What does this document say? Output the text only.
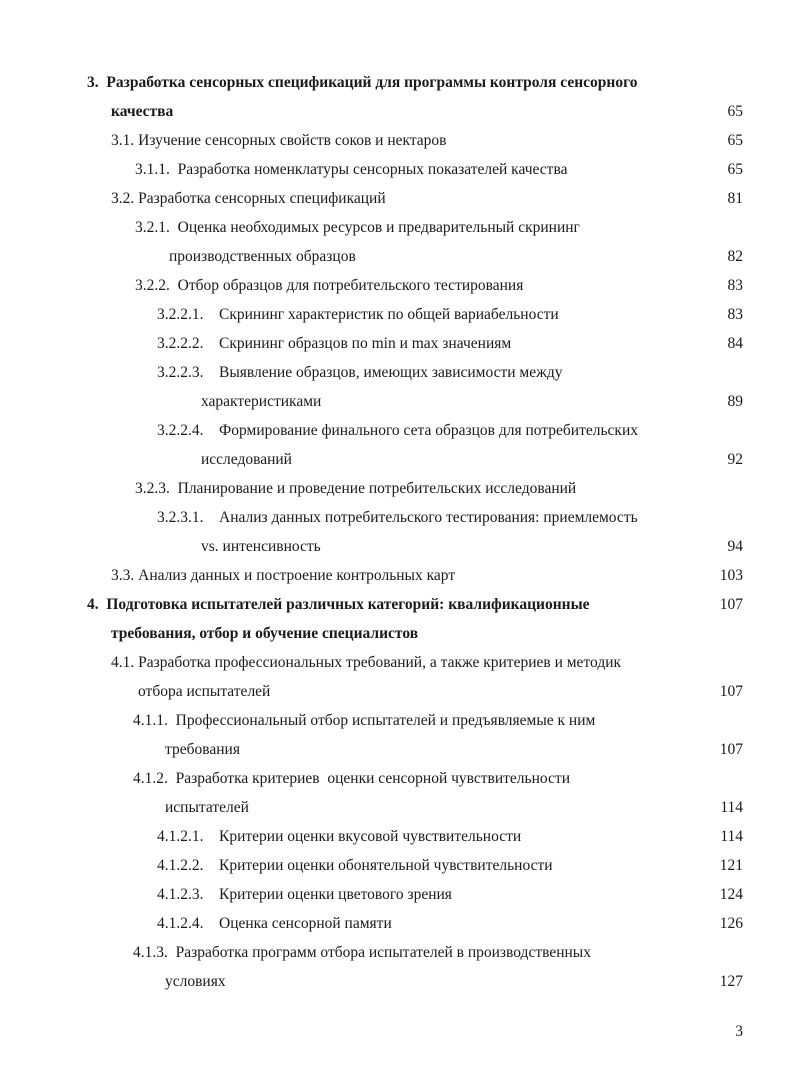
3.  Разработка сенсорных спецификаций для программы контроля сенсорного
качества	65
3.1. Изучение сенсорных свойств соков и нектаров	65
3.1.1.  Разработка номенклатуры сенсорных показателей качества	65
3.2. Разработка сенсорных спецификаций	81
3.2.1.  Оценка необходимых ресурсов и предварительный скрининг
производственных образцов	82
3.2.2.  Отбор образцов для потребительского тестирования	83
3.2.2.1.    Скрининг характеристик по общей вариабельности	83
3.2.2.2.    Скрининг образцов по min и max значениям	84
3.2.2.3.    Выявление образцов, имеющих зависимости между
характеристиками	89
3.2.2.4.    Формирование финального сета образцов для потребительских
исследований	92
3.2.3.  Планирование и проведение потребительских исследований
3.2.3.1.    Анализ данных потребительского тестирования: приемлемость
vs. интенсивность	94
3.3. Анализ данных и построение контрольных карт	103
4.  Подготовка испытателей различных категорий: квалификационные	107
требования, отбор и обучение специалистов
4.1. Разработка профессиональных требований, а также критериев и методик
отбора испытателей	107
4.1.1.  Профессиональный отбор испытателей и предъявляемые к ним
требования	107
4.1.2.  Разработка критериев  оценки сенсорной чувствительности
испытателей	114
4.1.2.1.    Критерии оценки вкусовой чувствительности	114
4.1.2.2.    Критерии оценки обонятельной чувствительности	121
4.1.2.3.    Критерии оценки цветового зрения	124
4.1.2.4.    Оценка сенсорной памяти	126
4.1.3.  Разработка программ отбора испытателей в производственных
условиях	127
3
